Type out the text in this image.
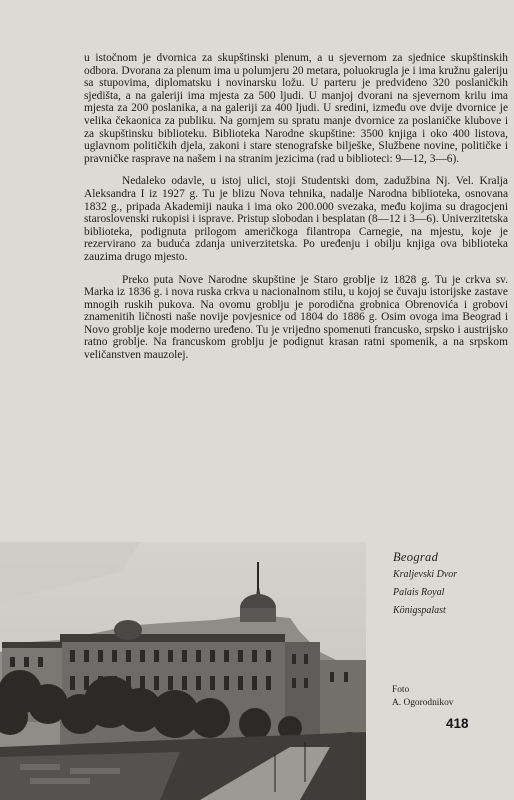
u istočnom je dvornica za skupštinski plenum, a u sjevernom za sjednice skupštinskih odbora. Dvorana za plenum ima u polumjeru 20 metara, poluokrugla je i ima kružnu galeriju sa stupovima, diplomatsku i novinarsku ložu. U parteru je predviđeno 320 poslaničkih sjedišta, a na galeriji ima mjesta za 500 ljudi. U manjoj dvorani na sjevernom krilu ima mjesta za 200 poslanika, a na galeriji za 400 ljudi. U sredini, između ove dvije dvornice je velika čekaonica za publiku. Na gornjem su spratu manje dvornice za poslaničke klubove i za skupštinsku biblioteku. Biblioteka Narodne skupštine: 3500 knjiga i oko 400 listova, uglavnom političkih djela, zakoni i stare stenografske bilješke, Službene novine, političke i pravničke rasprave na našem i na stranim jezicima (rad u biblioteci: 9—12, 3—6).

Nedaleko odavle, u istoj ulici, stoji Studentski dom, zadužbina Nj. Vel. Kralja Aleksandra I iz 1927 g. Tu je blizu Nova tehnika, nadalje Narodna biblioteka, osnovana 1832 g., pripada Akademiji nauka i ima oko 200.000 svezaka, među kojima su dragocjeni staroslovenski rukopisi i isprave. Pristup slobodan i besplatan (8—12 i 3—6). Univerzitetska biblioteka, podignuta prilogom američkoga filantropa Carnegie, na mjestu, koje je rezervirano za buduća zdanja univerzitetska. Po uređenju i obilju knjiga ova biblioteka zauzima drugo mjesto.

Preko puta Nove Narodne skupštine je Staro groblje iz 1828 g. Tu je crkva sv. Marka iz 1836 g. i nova ruska crkva u nacionalnom stilu, u kojoj se čuvaju istorijske zastave mnogih ruskih pukova. Na ovomu groblju je porodična grobnica Obrenovića i grobovi znamenitih ličnosti naše novije povjesnice od 1804 do 1886 g. Osim ovoga ima Beograd i Novo groblje koje moderno uređeno. Tu je vrijedno spomenuti francusko, srpsko i austrijsko ratno groblje. Na francuskom groblju je podignut krasan ratni spomenik, a na srpskom veličanstven mauzolej.

Beograd
Kraljevski Dvor
Palais Royal
Königspalast
Foto
A. Ogorodnikov
418
